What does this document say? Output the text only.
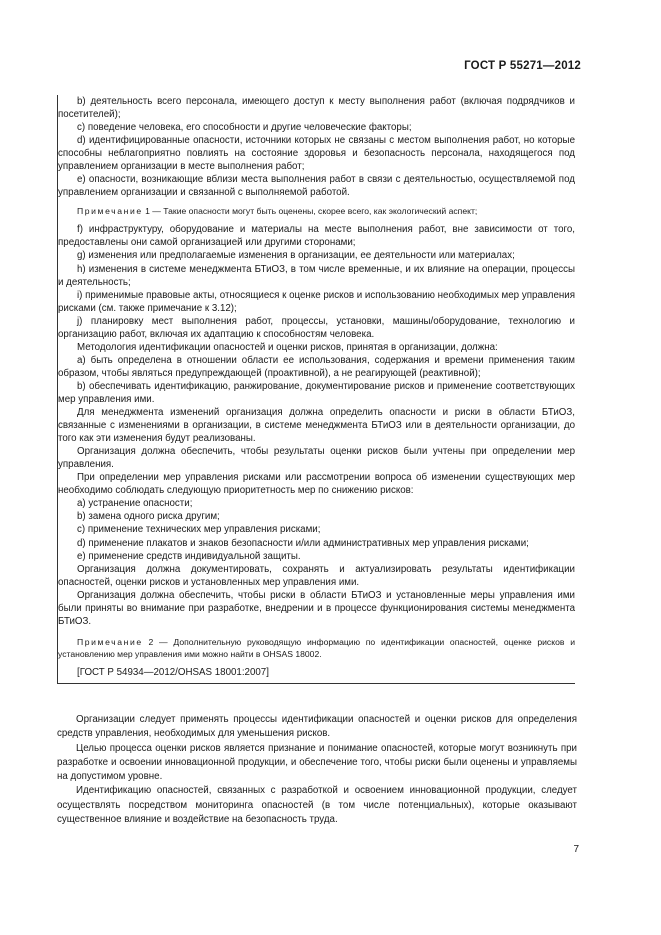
ГОСТ Р 55271—2012

b) деятельность всего персонала, имеющего доступ к месту выполнения работ (включая подрядчиков и посетителей);

c) поведение человека, его способности и другие человеческие факторы;

d) идентифицированные опасности, источники которых не связаны с местом выполнения работ, но которые способны неблагоприятно повлиять на состояние здоровья и безопасность персонала, находящегося под управлением организации в месте выполнения работ;

e) опасности, возникающие вблизи места выполнения работ в связи с деятельностью, осуществляемой под управлением организации и связанной с выполняемой работой.

Примечание 1 — Такие опасности могут быть оценены, скорее всего, как экологический аспект;

f) инфраструктуру, оборудование и материалы на месте выполнения работ, вне зависимости от того, предоставлены они самой организацией или другими сторонами;

g) изменения или предполагаемые изменения в организации, ее деятельности или материалах;

h) изменения в системе менеджмента БТиОЗ, в том числе временные, и их влияние на операции, процессы и деятельность;

i) применимые правовые акты, относящиеся к оценке рисков и использованию необходимых мер управления рисками (см. также примечание к 3.12);

j) планировку мест выполнения работ, процессы, установки, машины/оборудование, технологию и организацию работ, включая их адаптацию к способностям человека.

Методология идентификации опасностей и оценки рисков, принятая в организации, должна:

a) быть определена в отношении области ее использования, содержания и времени применения таким образом, чтобы являться предупреждающей (проактивной), а не реагирующей (реактивной);

b) обеспечивать идентификацию, ранжирование, документирование рисков и применение соответствующих мер управления ими.

Для менеджмента изменений организация должна определить опасности и риски в области БТиОЗ, связанные с изменениями в организации, в системе менеджмента БТиОЗ или в деятельности организации, до того как эти изменения будут реализованы.

Организация должна обеспечить, чтобы результаты оценки рисков были учтены при определении мер управления.

При определении мер управления рисками или рассмотрении вопроса об изменении существующих мер необходимо соблюдать следующую приоритетность мер по снижению рисков:

a) устранение опасности;

b) замена одного риска другим;

c) применение технических мер управления рисками;

d) применение плакатов и знаков безопасности и/или административных мер управления рисками;

e) применение средств индивидуальной защиты.

Организация должна документировать, сохранять и актуализировать результаты идентификации опасностей, оценки рисков и установленных мер управления ими.

Организация должна обеспечить, чтобы риски в области БТиОЗ и установленные меры управления ими были приняты во внимание при разработке, внедрении и в процессе функционирования системы менеджмента БТиОЗ.

Примечание 2 — Дополнительную руководящую информацию по идентификации опасностей, оценке рисков и установлению мер управления ими можно найти в OHSAS 18002.

[ГОСТ Р 54934—2012/OHSAS 18001:2007]

Организации следует применять процессы идентификации опасностей и оценки рисков для определения средств управления, необходимых для уменьшения рисков.

Целью процесса оценки рисков является признание и понимание опасностей, которые могут возникнуть при разработке и освоении инновационной продукции, и обеспечение того, чтобы риски были оценены и управляемы на допустимом уровне.

Идентификацию опасностей, связанных с разработкой и освоением инновационной продукции, следует осуществлять посредством мониторинга опасностей (в том числе потенциальных), которые оказывают существенное влияние и воздействие на безопасность труда.

7
